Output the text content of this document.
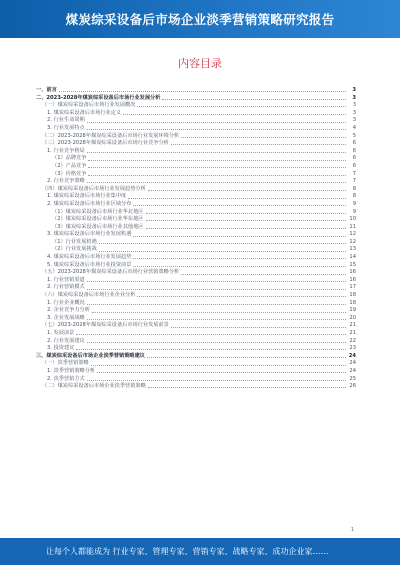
煤炭综采设备后市场企业淡季营销策略研究报告
内容目录
一、前言	3
二、2023-2028年煤炭综采设备后市场行业发展分析	3
（一）煤炭综采设备后市场行业发展概况	3
1. 煤炭综采设备后市场行业定义	3
2. 行业生命周期	3
3. 行业发展特点	4
（二）2023-2028年煤炭综采设备后市场行业发展环境分析	5
（三）2023-2028年煤炭综采设备后市场行业竞争分析	6
1. 行业竞争格局	6
（1）品牌竞争	6
（2）产品竞争	6
（3）价格竞争	7
2. 行业竞争策略	7
（四）煤炭综采设备后市场行业发展趋势分析	8
1. 煤炭综采设备后市场行业集中度	8
2. 煤炭综采设备后市场行业区域分布	9
（1）煤炭综采设备后市场行业华北地区	9
（2）煤炭综采设备后市场行业华东地区	10
（3）煤炭综采设备后市场行业其他地区	11
3. 煤炭综采设备后市场行业发展机遇	12
（1）行业发展机遇	12
（2）行业发展挑战	13
4. 煤炭综采设备后市场行业发展趋势	14
5. 煤炭综采设备后市场行业投资前景	15
（五）2023-2028年煤炭综采设备后市场行业营销策略分析	16
1. 行业营销渠道	16
2. 行业营销模式	17
（六）煤炭综采设备后市场行业企业分析	18
1. 行业企业概况	18
2. 企业竞争力分析	19
3. 企业发展战略	20
（七）2023-2028年煤炭综采设备后市场行业发展前景	21
1. 发展前景	21
2. 行业发展建议	22
3. 投资建议	23
三、煤炭综采设备后市场企业淡季营销策略建议	24
（一）淡季营销策略	24
1. 淡季营销策略分析	24
2. 淡季营销方式	25
（二）煤炭综采设备后市场企业淡季营销策略	26
1
让每个人都能成为 行业专家、管理专家、营销专家、战略专家、成功企业家……
